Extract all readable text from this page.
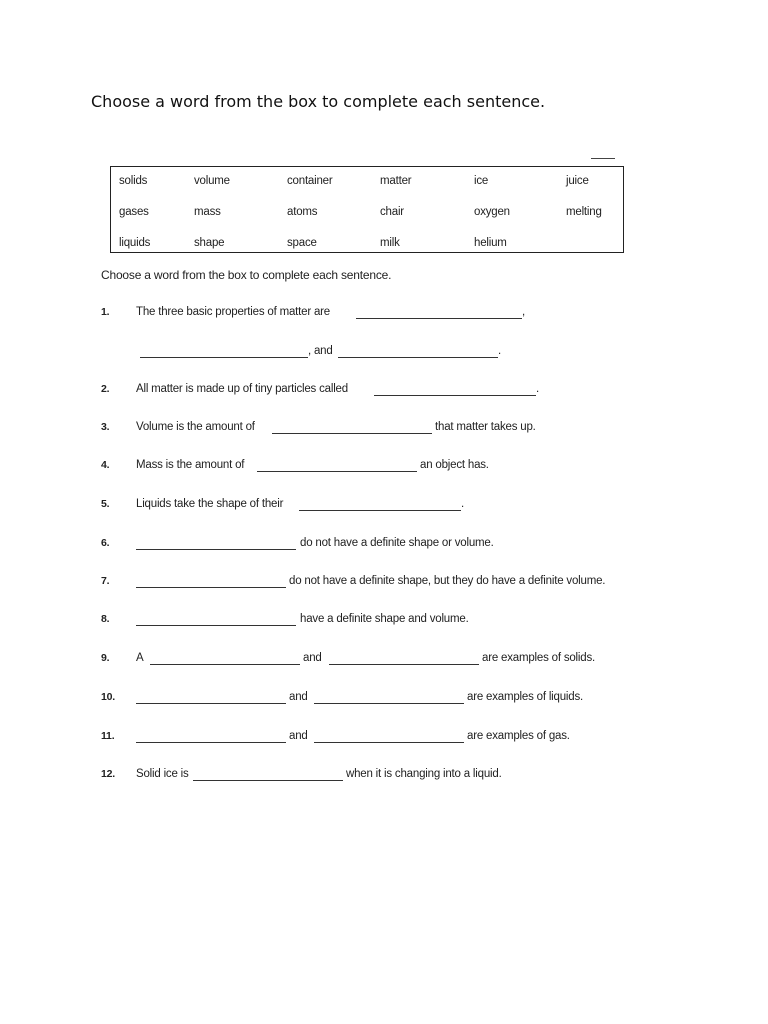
Choose a word from the box to complete each sentence.
solids	volume	container	matter	ice	juice
gases	mass	atoms	chair	oxygen	melting
liquids	shape	space	milk	helium
Choose a word from the box to complete each sentence.
1. The three basic properties of matter are	,
, and	.
2. All matter is made up of tiny particles called	.
3. Volume is the amount of	that matter takes up.
4. Mass is the amount of	an object has.
5. Liquids take the shape of their	.
6.	do not have a definite shape or volume.
7.	do not have a definite shape, but they do have a definite volume.
8.	have a definite shape and volume.
9. A	and	are examples of solids.
10.	and	are examples of liquids.
11.	and	are examples of gas.
12. Solid ice is	when it is changing into a liquid.
